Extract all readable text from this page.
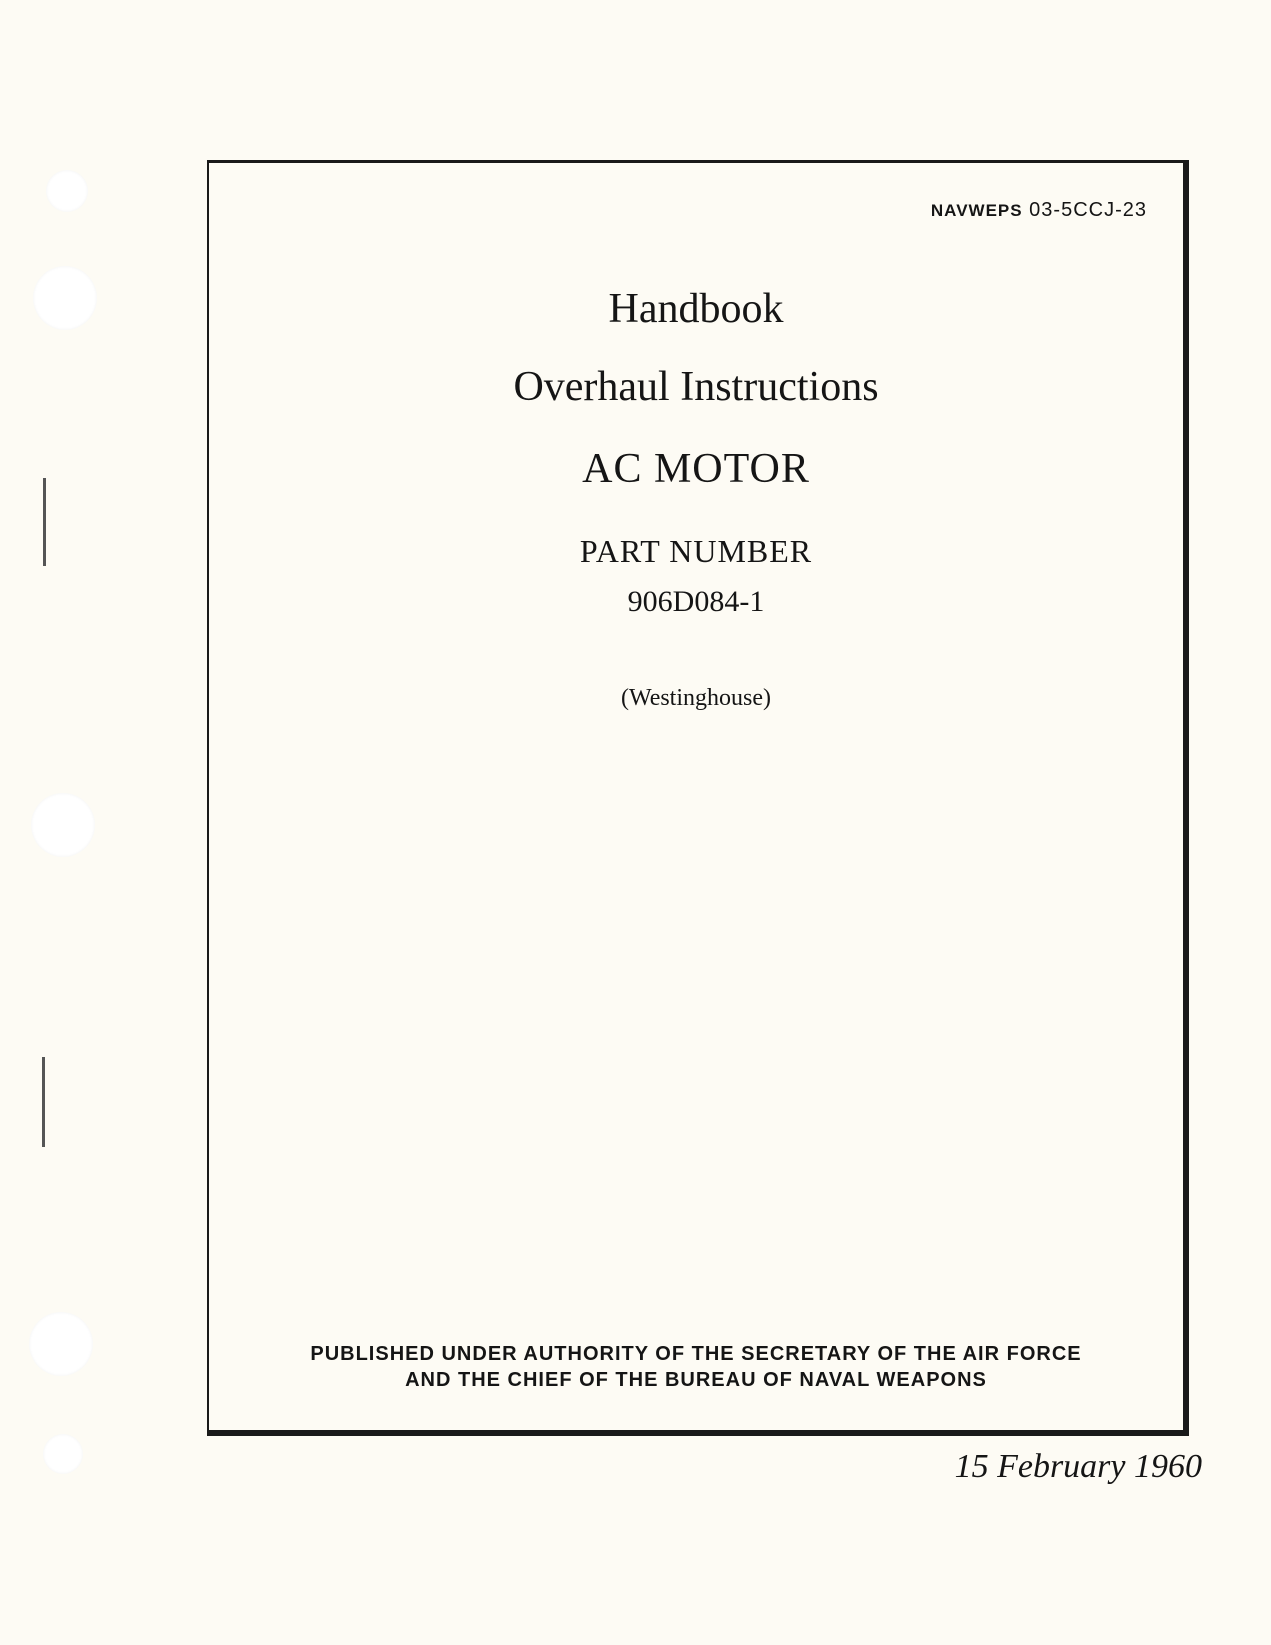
NAVWEPS 03-5CCJ-23
Handbook
Overhaul Instructions
AC MOTOR
PART NUMBER
906D084-1
(Westinghouse)
PUBLISHED UNDER AUTHORITY OF THE SECRETARY OF THE AIR FORCE
AND THE CHIEF OF THE BUREAU OF NAVAL WEAPONS
15 February 1960
